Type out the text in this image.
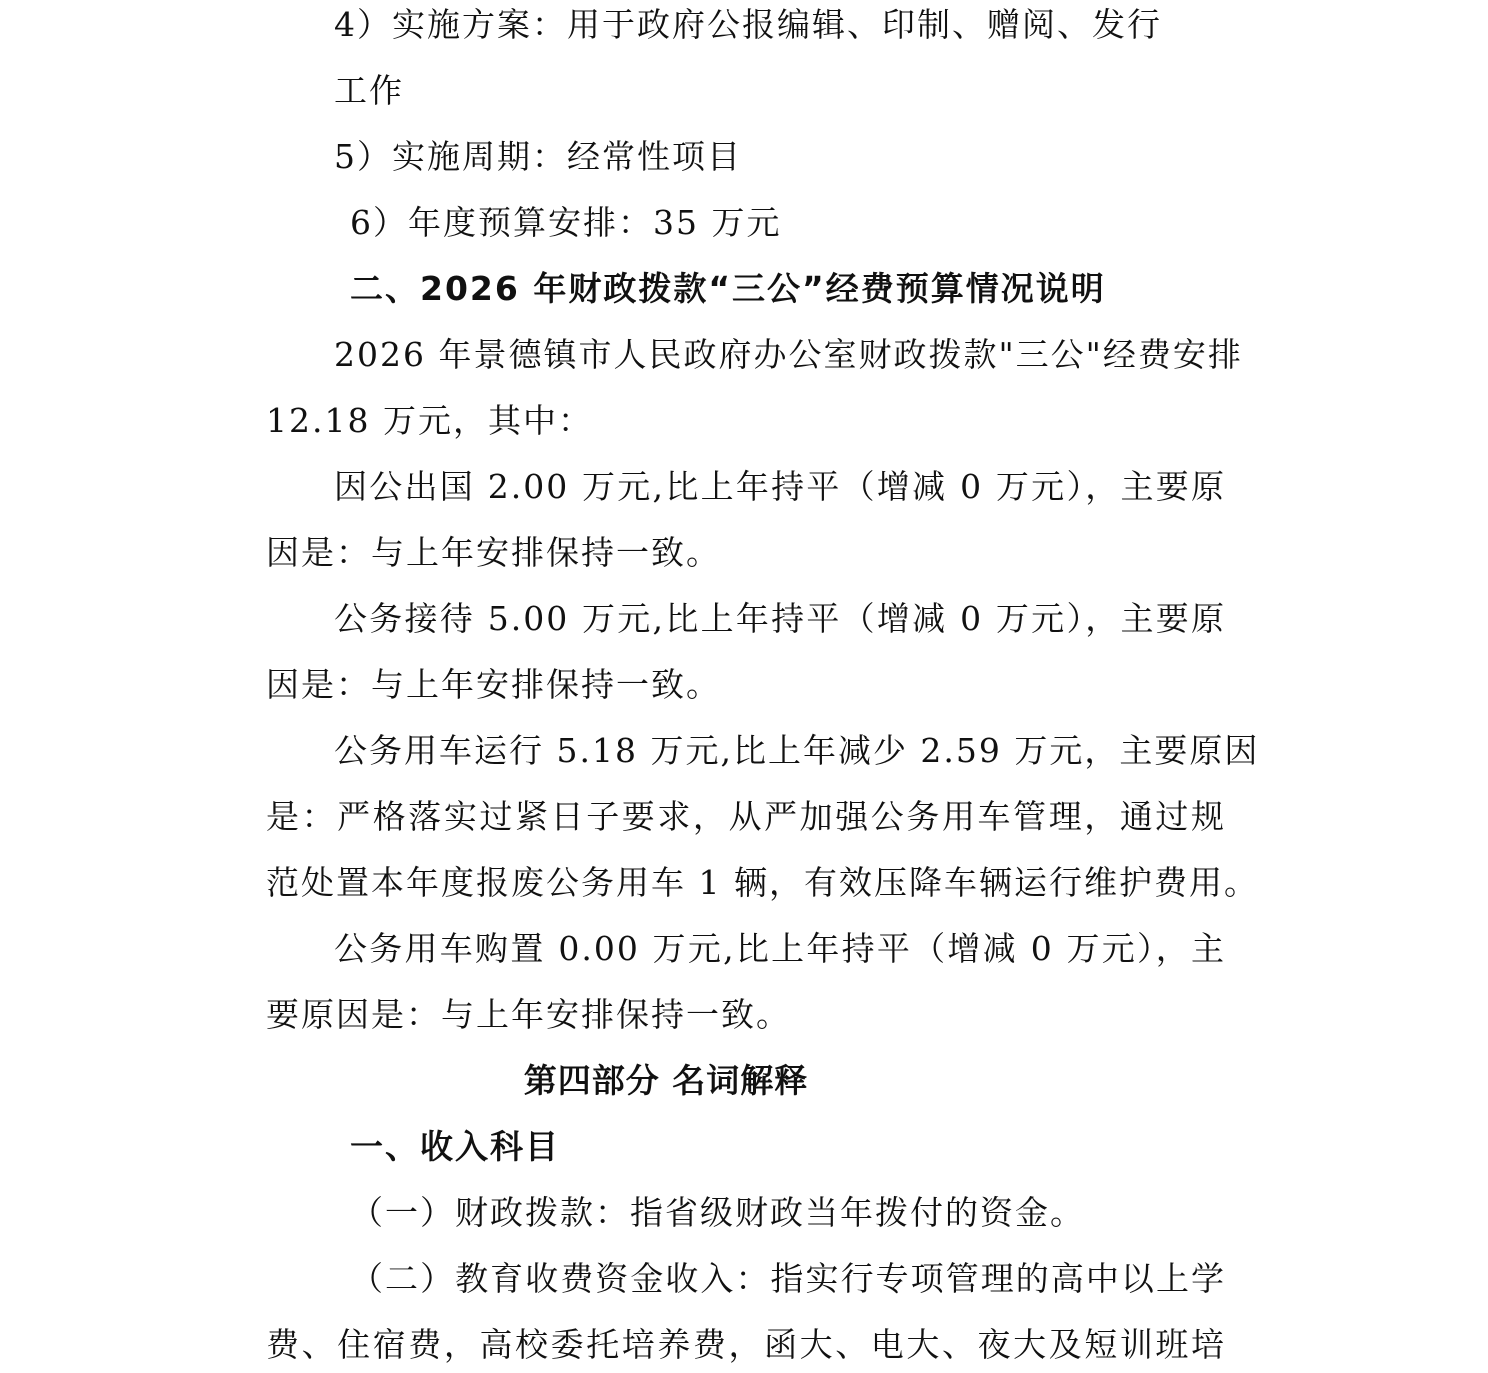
4）实施方案：用于政府公报编辑、印制、赠阅、发行
工作
5）实施周期：经常性项目
6）年度预算安排：35 万元
二、2026 年财政拨款“三公”经费预算情况说明
2026 年景德镇市人民政府办公室财政拨款"三公"经费安排
12.18 万元，其中：
因公出国 2.00 万元,比上年持平（增减 0 万元），主要原
因是：与上年安排保持一致。
公务接待 5.00 万元,比上年持平（增减 0 万元），主要原
因是：与上年安排保持一致。
公务用车运行 5.18 万元,比上年减少 2.59 万元，主要原因
是：严格落实过紧日子要求，从严加强公务用车管理，通过规
范处置本年度报废公务用车 1 辆，有效压降车辆运行维护费用。
公务用车购置 0.00 万元,比上年持平（增减 0 万元），主
要原因是：与上年安排保持一致。
第四部分 名词解释
一、收入科目
（一）财政拨款：指省级财政当年拨付的资金。
（二）教育收费资金收入：指实行专项管理的高中以上学
费、住宿费，高校委托培养费，函大、电大、夜大及短训班培
